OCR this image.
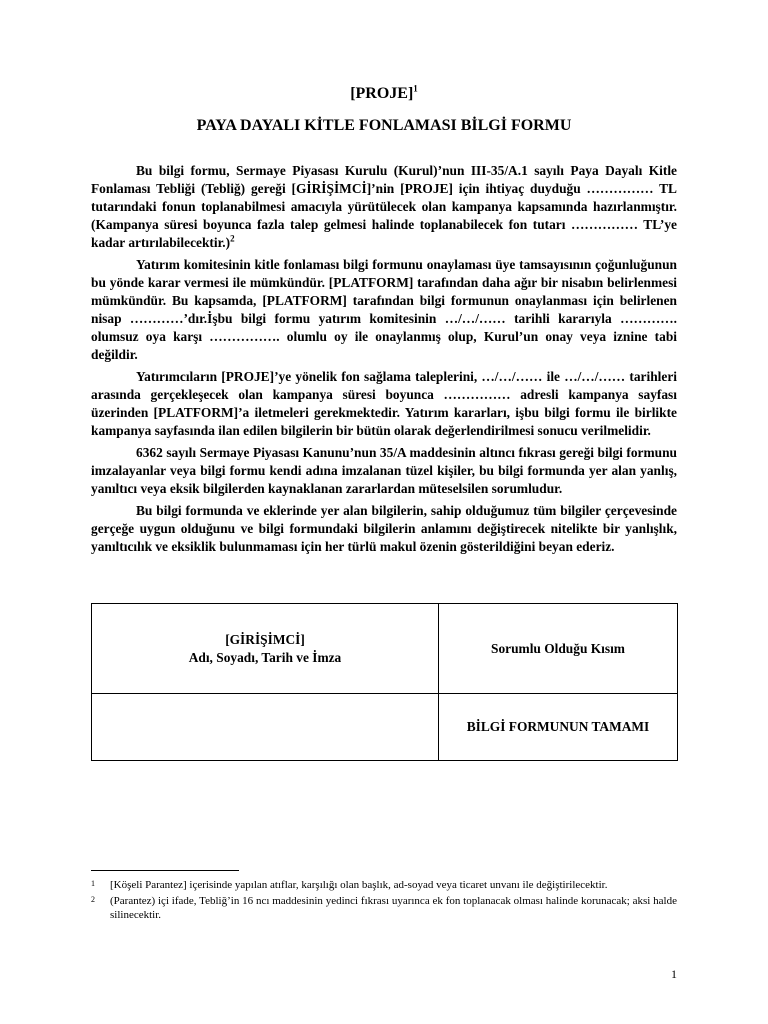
[PROJE]$^1$

PAYA DAYALI KİTLE FONLAMASI BİLGİ FORMU

Bu bilgi formu, Sermaye Piyasası Kurulu (Kurul)’nun III-35/A.1 sayılı Paya Dayalı Kitle Fonlaması Tebliği (Tebliğ) gereği [GİRİŞİMCİ]’nin [PROJE] için ihtiyaç duyduğu …………… TL tutarındaki fonun toplanabilmesi amacıyla yürütülecek olan kampanya kapsamında hazırlanmıştır. (Kampanya süresi boyunca fazla talep gelmesi halinde toplanabilecek fon tutarı …………… TL’ye kadar artırılabilecektir.)$^2$

Yatırım komitesinin kitle fonlaması bilgi formunu onaylaması üye tamsayısının çoğunluğunun bu yönde karar vermesi ile mümkündür. [PLATFORM] tarafından daha ağır bir nisabın belirlenmesi mümkündür. Bu kapsamda, [PLATFORM] tarafından bilgi formunun onaylanması için belirlenen nisap …………’dır.İşbu bilgi formu yatırım komitesinin …/…/…… tarihli kararıyla …………. olumsuz oya karşı ……………. olumlu oy ile onaylanmış olup, Kurul’un onay veya iznine tabi değildir.

Yatırımcıların [PROJE]’ye yönelik fon sağlama taleplerini, …/…/…… ile …/…/…… tarihleri arasında gerçekleşecek olan kampanya süresi boyunca …………… adresli kampanya sayfası üzerinden [PLATFORM]’a iletmeleri gerekmektedir. Yatırım kararları, işbu bilgi formu ile birlikte kampanya sayfasında ilan edilen bilgilerin bir bütün olarak değerlendirilmesi sonucu verilmelidir.

6362 sayılı Sermaye Piyasası Kanunu’nun 35/A maddesinin altıncı fıkrası gereği bilgi formunu imzalayanlar veya bilgi formu kendi adına imzalanan tüzel kişiler, bu bilgi formunda yer alan yanlış, yanıltıcı veya eksik bilgilerden kaynaklanan zararlardan müteselsilen sorumludur.

Bu bilgi formunda ve eklerinde yer alan bilgilerin, sahip olduğumuz tüm bilgiler çerçevesinde gerçeğe uygun olduğunu ve bilgi formundaki bilgilerin anlamını değiştirecek nitelikte bir yanlışlık, yanıltıcılık ve eksiklik bulunmaması için her türlü makul özenin gösterildiğini beyan ederiz.

[GİRİŞİMCİ]
Adı, Soyadı, Tarih ve İmza	Sorumlu Olduğu Kısım
	BİLGİ FORMUNUN TAMAMI
1	[Köşeli Parantez] içerisinde yapılan atıflar, karşılığı olan başlık, ad-soyad veya ticaret unvanı ile değiştirilecektir.
2	(Parantez) içi ifade, Tebliğ’in 16 ncı maddesinin yedinci fıkrası uyarınca ek fon toplanacak olması halinde korunacak; aksi halde silinecektir.
1
